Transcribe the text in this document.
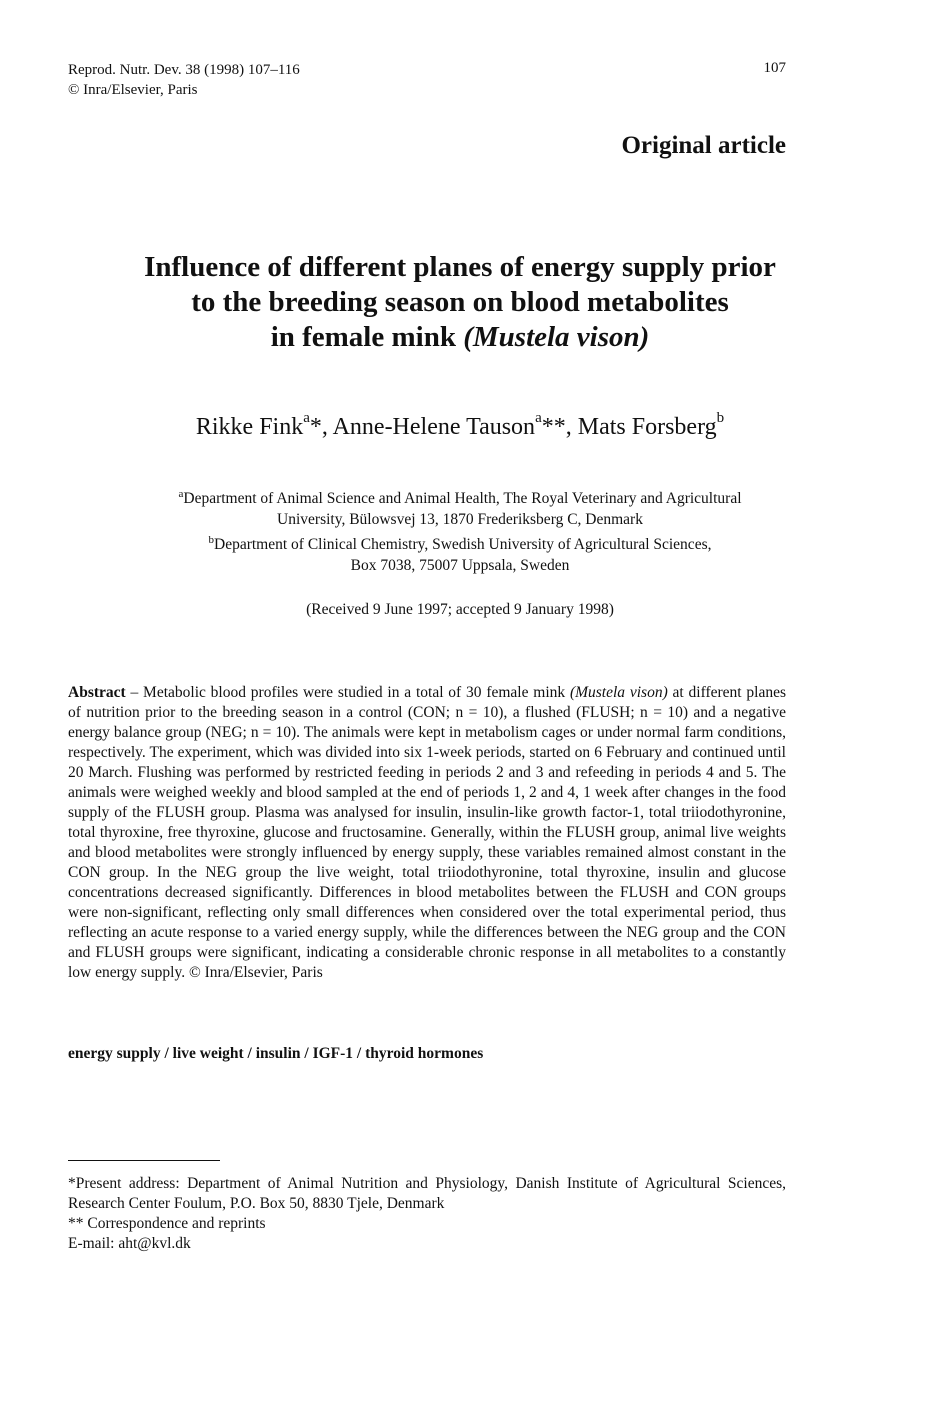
Reprod. Nutr. Dev. 38 (1998) 107–116
© Inra/Elsevier, Paris
107
Original article
Influence of different planes of energy supply prior
to the breeding season on blood metabolites
in female mink (Mustela vison)
Rikke Fink$^a$*, Anne-Helene Tauson$^a$**, Mats Forsberg$^b$
$^a$Department of Animal Science and Animal Health, The Royal Veterinary and Agricultural
University, Bülowsvej 13, 1870 Frederiksberg C, Denmark
$^b$Department of Clinical Chemistry, Swedish University of Agricultural Sciences,
Box 7038, 75007 Uppsala, Sweden
(Received 9 June 1997; accepted 9 January 1998)
Abstract – Metabolic blood profiles were studied in a total of 30 female mink (Mustela vison) at different planes of nutrition prior to the breeding season in a control (CON; n = 10), a flushed (FLUSH; n = 10) and a negative energy balance group (NEG; n = 10). The animals were kept in metabolism cages or under normal farm conditions, respectively. The experiment, which was divided into six 1-week periods, started on 6 February and continued until 20 March. Flushing was performed by restricted feeding in periods 2 and 3 and refeeding in periods 4 and 5. The animals were weighed weekly and blood sampled at the end of periods 1, 2 and 4, 1 week after changes in the food supply of the FLUSH group. Plasma was analysed for insulin, insulin-like growth factor-1, total triiodothyronine, total thyroxine, free thyroxine, glucose and fructosamine. Generally, within the FLUSH group, animal live weights and blood metabolites were strongly influenced by energy supply, these variables remained almost constant in the CON group. In the NEG group the live weight, total triiodothyronine, total thyroxine, insulin and glucose concentrations decreased significantly. Differences in blood metabolites between the FLUSH and CON groups were non-significant, reflecting only small differences when considered over the total experimental period, thus reflecting an acute response to a varied energy supply, while the differences between the NEG group and the CON and FLUSH groups were significant, indicating a considerable chronic response in all metabolites to a constantly low energy supply. © Inra/Elsevier, Paris
energy supply / live weight / insulin / IGF-1 / thyroid hormones
*Present address: Department of Animal Nutrition and Physiology, Danish Institute of Agricultural Sciences, Research Center Foulum, P.O. Box 50, 8830 Tjele, Denmark
** Correspondence and reprints
E-mail: aht@kvl.dk
